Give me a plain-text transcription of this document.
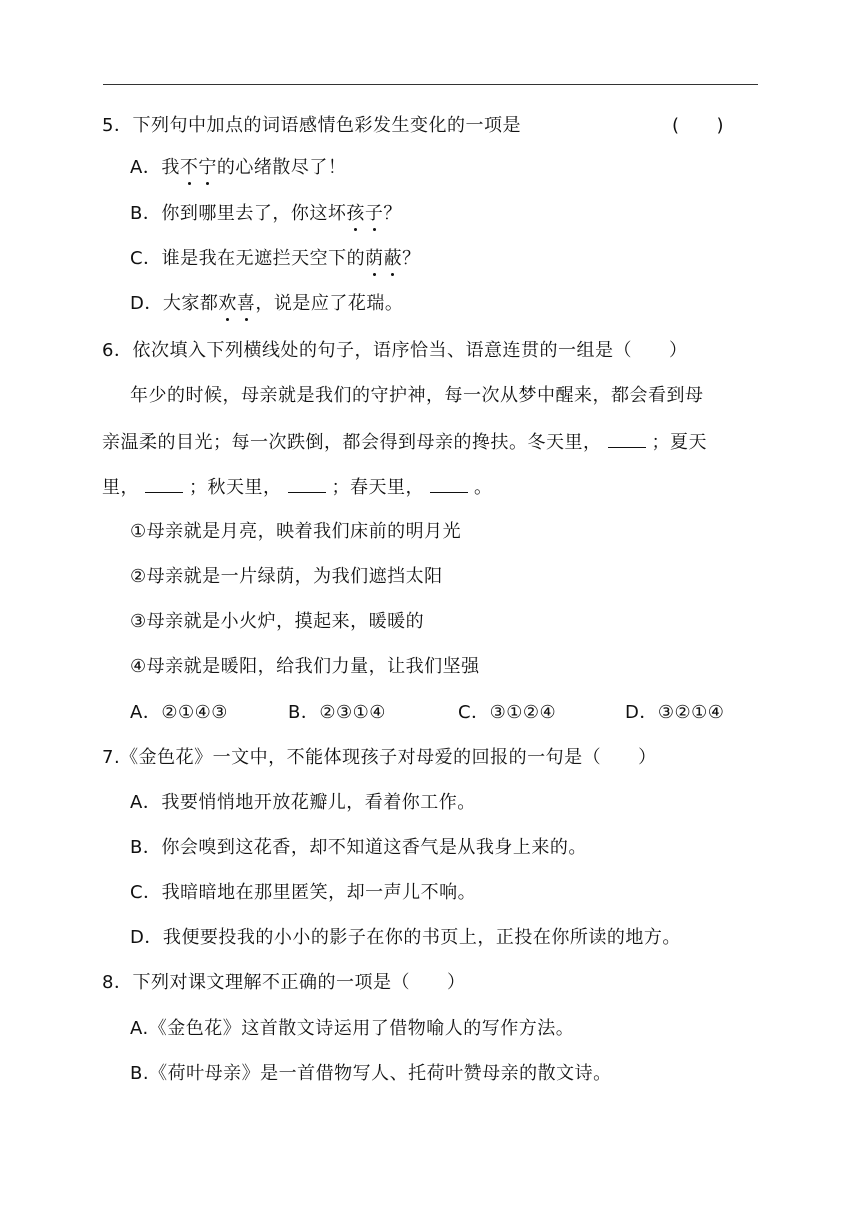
5．下列句中加点的词语感情色彩发生变化的一项是	(　　)
A．我不宁的心绪散尽了！
B．你到哪里去了，你这坏孩子？
C．谁是我在无遮拦天空下的荫蔽？
D．大家都欢喜，说是应了花瑞。
6．依次填入下列横线处的句子，语序恰当、语意连贯的一组是（　　）
年少的时候，母亲就是我们的守护神，每一次从梦中醒来，都会看到母
亲温柔的目光；每一次跌倒，都会得到母亲的搀扶。冬天里，	；夏天
里，	；秋天里，	；春天里，	。
①母亲就是月亮，映着我们床前的明月光
②母亲就是一片绿荫，为我们遮挡太阳
③母亲就是小火炉，摸起来，暖暖的
④母亲就是暖阳，给我们力量，让我们坚强
A．②①④③	B．②③①④	C．③①②④	D．③②①④
7.《金色花》一文中，不能体现孩子对母爱的回报的一句是（　　）
A．我要悄悄地开放花瓣儿，看着你工作。
B．你会嗅到这花香，却不知道这香气是从我身上来的。
C．我暗暗地在那里匿笑，却一声儿不响。
D．我便要投我的小小的影子在你的书页上，正投在你所读的地方。
8．下列对课文理解不正确的一项是（　　）
A.《金色花》这首散文诗运用了借物喻人的写作方法。
B.《荷叶母亲》是一首借物写人、托荷叶赞母亲的散文诗。
